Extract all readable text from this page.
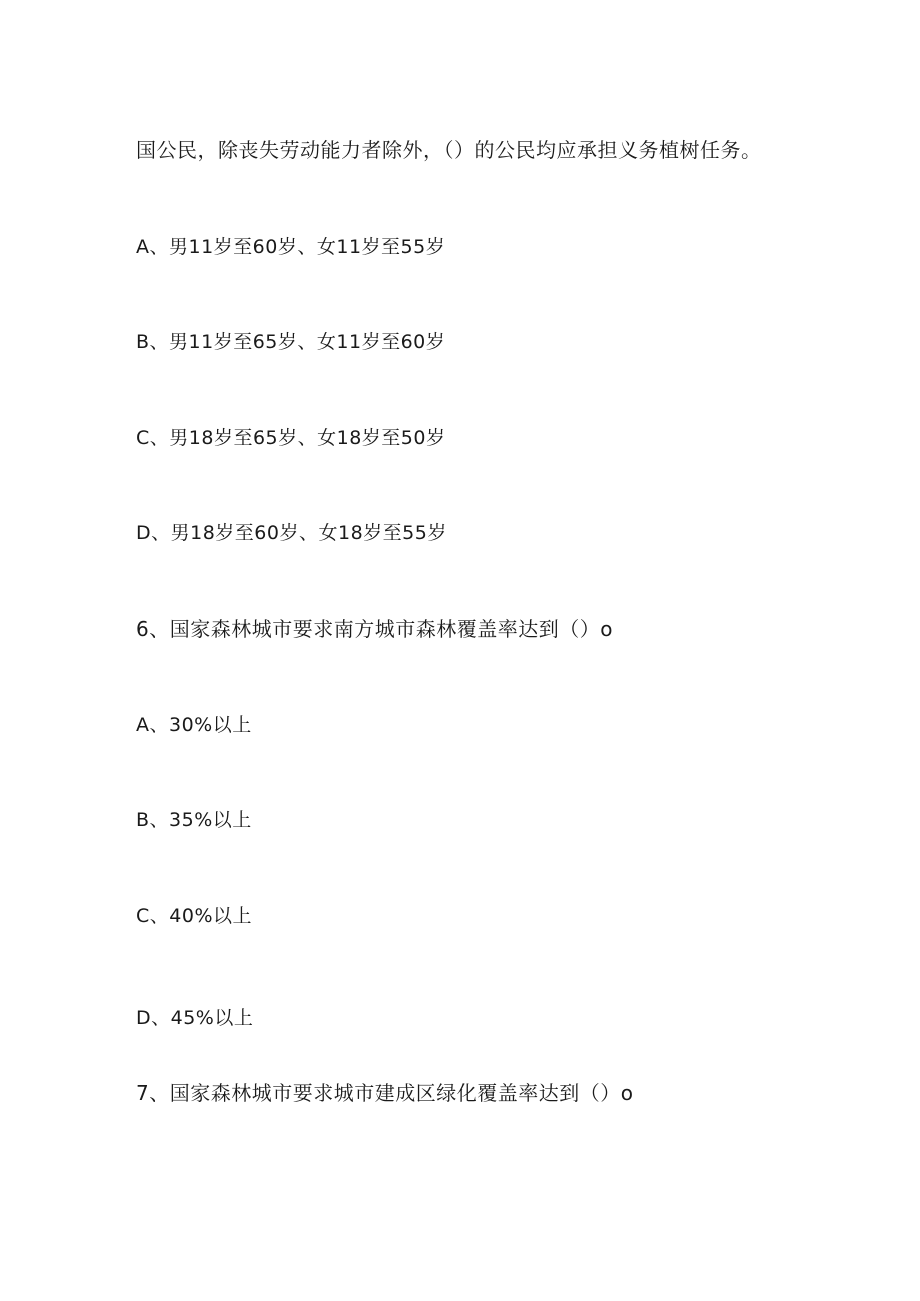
国公民，除丧失劳动能力者除外，（）的公民均应承担义务植树任务。
A、男11岁至60岁、女11岁至55岁
B、男11岁至65岁、女11岁至60岁
C、男18岁至65岁、女18岁至50岁
D、男18岁至60岁、女18岁至55岁
6、国家森林城市要求南方城市森林覆盖率达到（）o
A、30%以上
B、35%以上
C、40%以上
D、45%以上
7、国家森林城市要求城市建成区绿化覆盖率达到（）o
